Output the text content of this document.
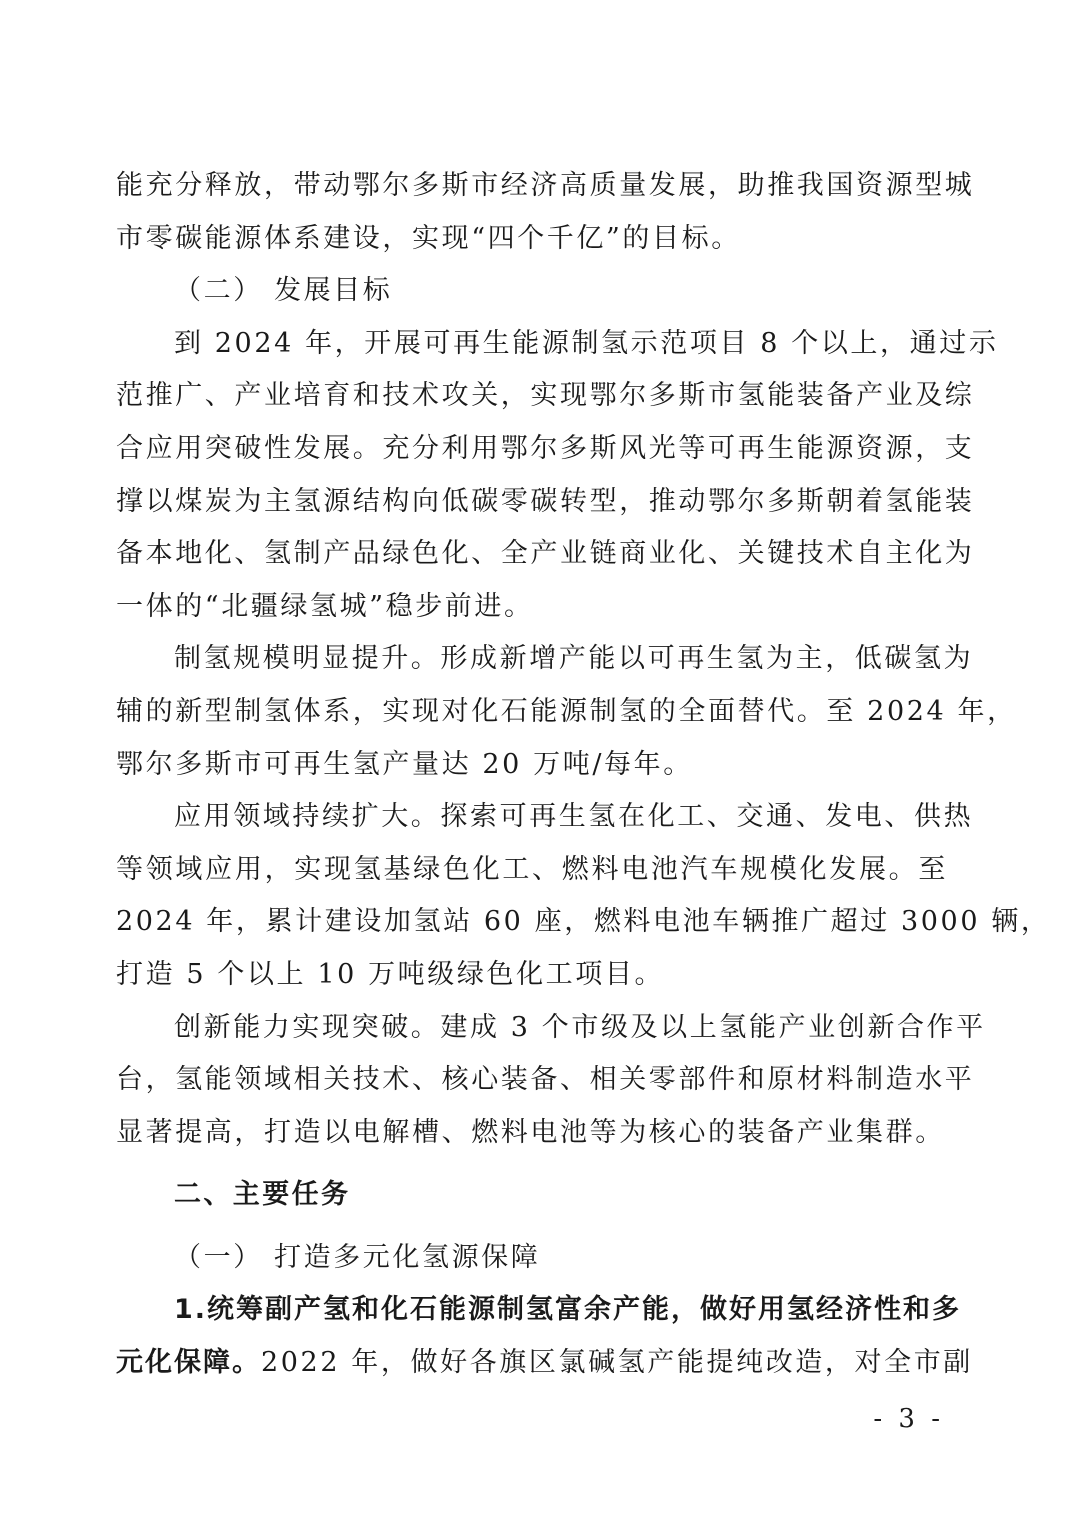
能充分释放，带动鄂尔多斯市经济高质量发展，助推我国资源型城
市零碳能源体系建设，实现“四个千亿”的目标。

（二） 发展目标

到 2024 年，开展可再生能源制氢示范项目 8 个以上，通过示
范推广、产业培育和技术攻关，实现鄂尔多斯市氢能装备产业及综
合应用突破性发展。充分利用鄂尔多斯风光等可再生能源资源，支
撑以煤炭为主氢源结构向低碳零碳转型，推动鄂尔多斯朝着氢能装
备本地化、氢制产品绿色化、全产业链商业化、关键技术自主化为
一体的“北疆绿氢城”稳步前进。

制氢规模明显提升。形成新增产能以可再生氢为主，低碳氢为
辅的新型制氢体系，实现对化石能源制氢的全面替代。至 2024 年，
鄂尔多斯市可再生氢产量达 20 万吨/每年。

应用领域持续扩大。探索可再生氢在化工、交通、发电、供热
等领域应用，实现氢基绿色化工、燃料电池汽车规模化发展。至
2024 年，累计建设加氢站 60 座，燃料电池车辆推广超过 3000 辆，
打造 5 个以上 10 万吨级绿色化工项目。

创新能力实现突破。建成 3 个市级及以上氢能产业创新合作平
台，氢能领域相关技术、核心装备、相关零部件和原材料制造水平
显著提高，打造以电解槽、燃料电池等为核心的装备产业集群。

二、主要任务

（一） 打造多元化氢源保障

1.统筹副产氢和化石能源制氢富余产能，做好用氢经济性和多
元化保障。2022 年，做好各旗区氯碱氢产能提纯改造，对全市副

- 3 -
